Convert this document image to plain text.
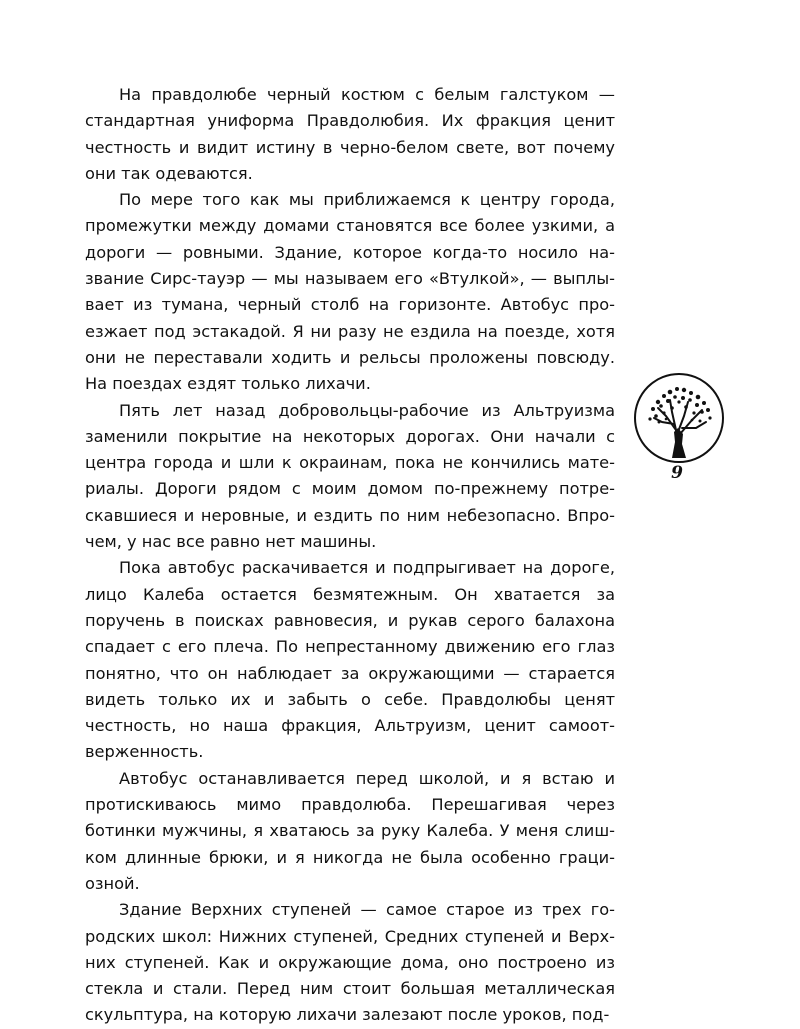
На правдолюбе черный костюм с белым галстуком — стандартная униформа Правдолюбия. Их фракция ценит честность и видит истину в черно-белом свете, вот почему они так одеваются.

По мере того как мы приближаемся к центру города, промежутки между домами становятся все более узкими, а дороги — ровными. Здание, которое когда-то носило название Сирс-тауэр — мы называем его «Втулкой», — выплывает из тумана, черный столб на горизонте. Автобус проезжает под эстакадой. Я ни разу не ездила на поезде, хотя они не переставали ходить и рельсы проложены повсюду. На поездах ездят только лихачи.

Пять лет назад добровольцы-рабочие из Альтруизма заменили покрытие на некоторых дорогах. Они начали с центра города и шли к окраинам, пока не кончились материалы. Дороги рядом с моим домом по-прежнему потрескавшиеся и неровные, и ездить по ним небезопасно. Впрочем, у нас все равно нет машины.

Пока автобус раскачивается и подпрыгивает на дороге, лицо Калеба остается безмятежным. Он хватается за поручень в поисках равновесия, и рукав серого балахона спадает с его плеча. По непрестанному движению его глаз понятно, что он наблюдает за окружающими — старается видеть только их и забыть о себе. Правдолюбы ценят честность, но наша фракция, Альтруизм, ценит самоотверженность.

Автобус останавливается перед школой, и я встаю и протискиваюсь мимо правдолюба. Перешагивая через ботинки мужчины, я хватаюсь за руку Калеба. У меня слишком длинные брюки, и я никогда не была особенно грациозной.

Здание Верхних ступеней — самое старое из трех городских школ: Нижних ступеней, Средних ступеней и Верхних ступеней. Как и окружающие дома, оно построено из стекла и стали. Перед ним стоит большая металлическая скульптура, на которую лихачи залезают после уроков, под-

9
